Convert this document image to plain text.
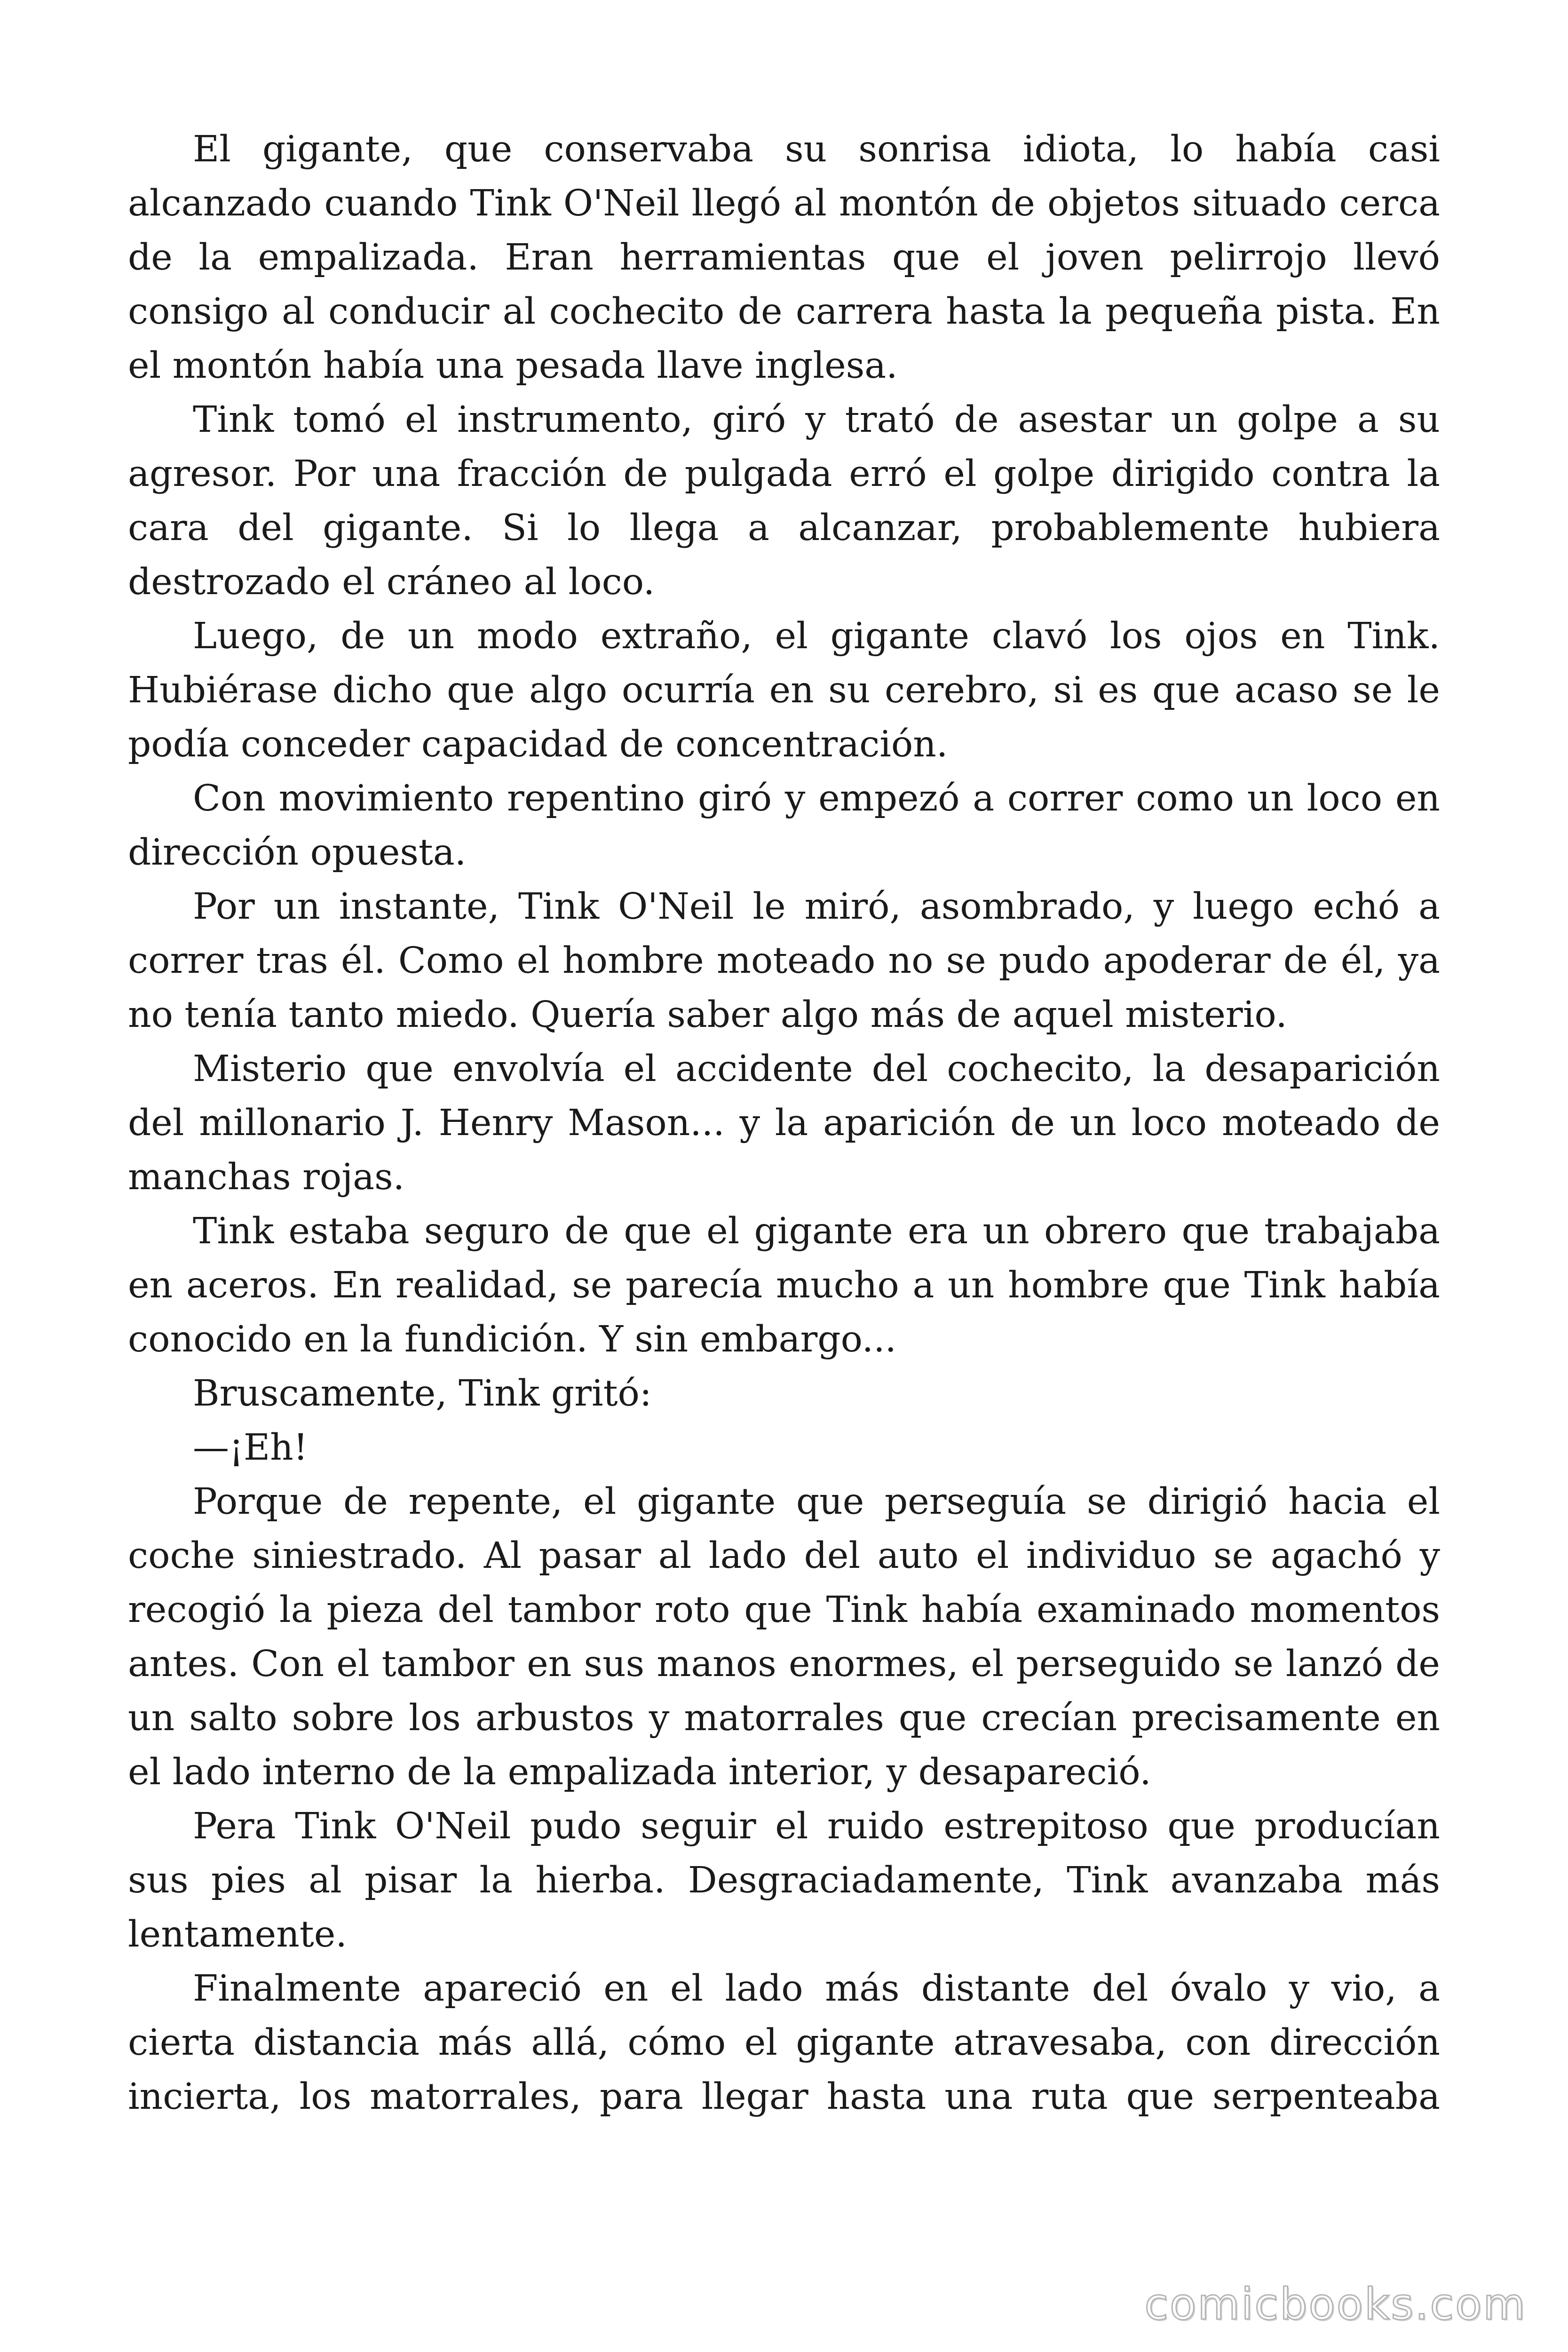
El gigante, que conservaba su sonrisa idiota, lo había casi alcanzado cuando Tink O'Neil llegó al montón de objetos situado cerca de la empalizada. Eran herramientas que el joven pelirrojo llevó consigo al conducir al cochecito de carrera hasta la pequeña pista. En el montón había una pesada llave inglesa.

Tink tomó el instrumento, giró y trató de asestar un golpe a su agresor. Por una fracción de pulgada erró el golpe dirigido contra la cara del gigante. Si lo llega a alcanzar, probablemente hubiera destrozado el cráneo al loco.

Luego, de un modo extraño, el gigante clavó los ojos en Tink. Hubiérase dicho que algo ocurría en su cerebro, si es que acaso se le podía conceder capacidad de concentración.

Con movimiento repentino giró y empezó a correr como un loco en dirección opuesta.

Por un instante, Tink O'Neil le miró, asombrado, y luego echó a correr tras él. Como el hombre moteado no se pudo apoderar de él, ya no tenía tanto miedo. Quería saber algo más de aquel misterio.

Misterio que envolvía el accidente del cochecito, la desaparición del millonario J. Henry Mason... y la aparición de un loco moteado de manchas rojas.

Tink estaba seguro de que el gigante era un obrero que trabajaba en aceros. En realidad, se parecía mucho a un hombre que Tink había conocido en la fundición. Y sin embargo...

Bruscamente, Tink gritó:

—¡Eh!

Porque de repente, el gigante que perseguía se dirigió hacia el coche siniestrado. Al pasar al lado del auto el individuo se agachó y recogió la pieza del tambor roto que Tink había examinado momentos antes. Con el tambor en sus manos enormes, el perseguido se lanzó de un salto sobre los arbustos y matorrales que crecían precisamente en el lado interno de la empalizada interior, y desapareció.

Pera Tink O'Neil pudo seguir el ruido estrepitoso que producían sus pies al pisar la hierba. Desgraciadamente, Tink avanzaba más lentamente.

Finalmente apareció en el lado más distante del óvalo y vio, a cierta distancia más allá, cómo el gigante atravesaba, con dirección incierta, los matorrales, para llegar hasta una ruta que serpenteaba

comicbooks.com
